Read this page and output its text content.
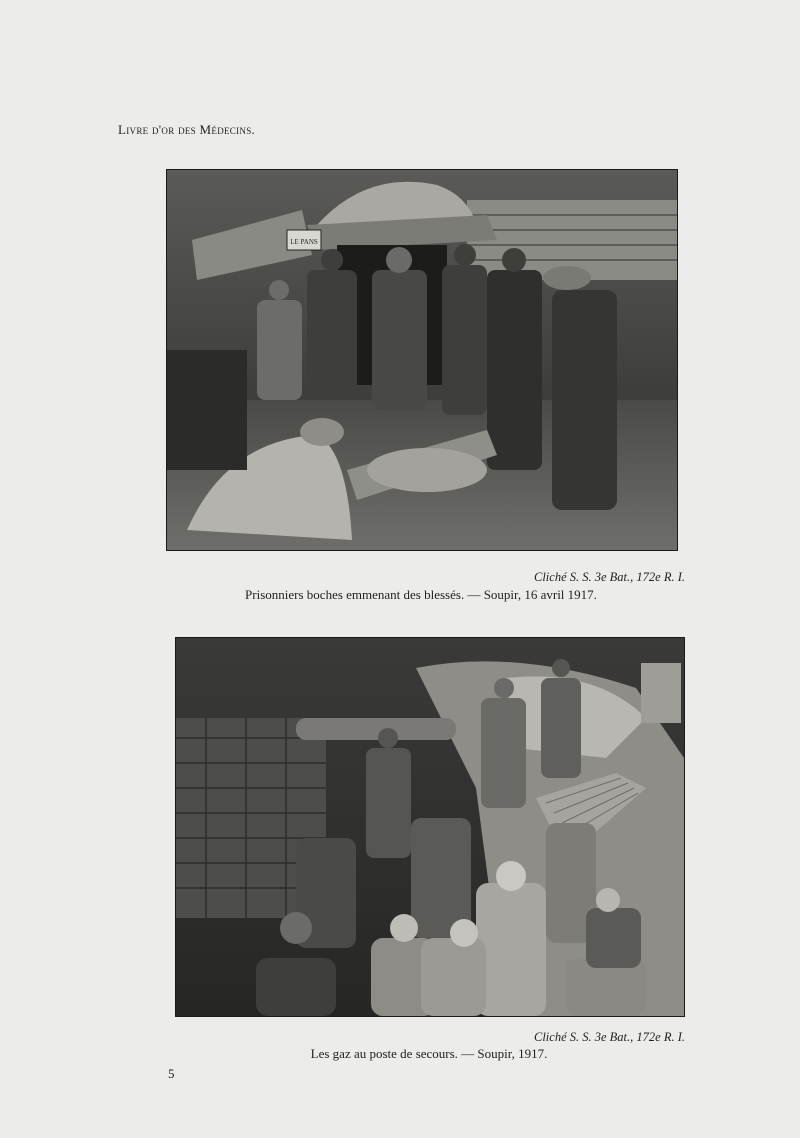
Livre d'or des Médecins.
LE PANS
Cliché S. S. 3e Bat., 172e R. I.
Prisonniers boches emmenant des blessés. — Soupir, 16 avril 1917.
Cliché S. S. 3e Bat., 172e R. I.
Les gaz au poste de secours. — Soupir, 1917.
5
